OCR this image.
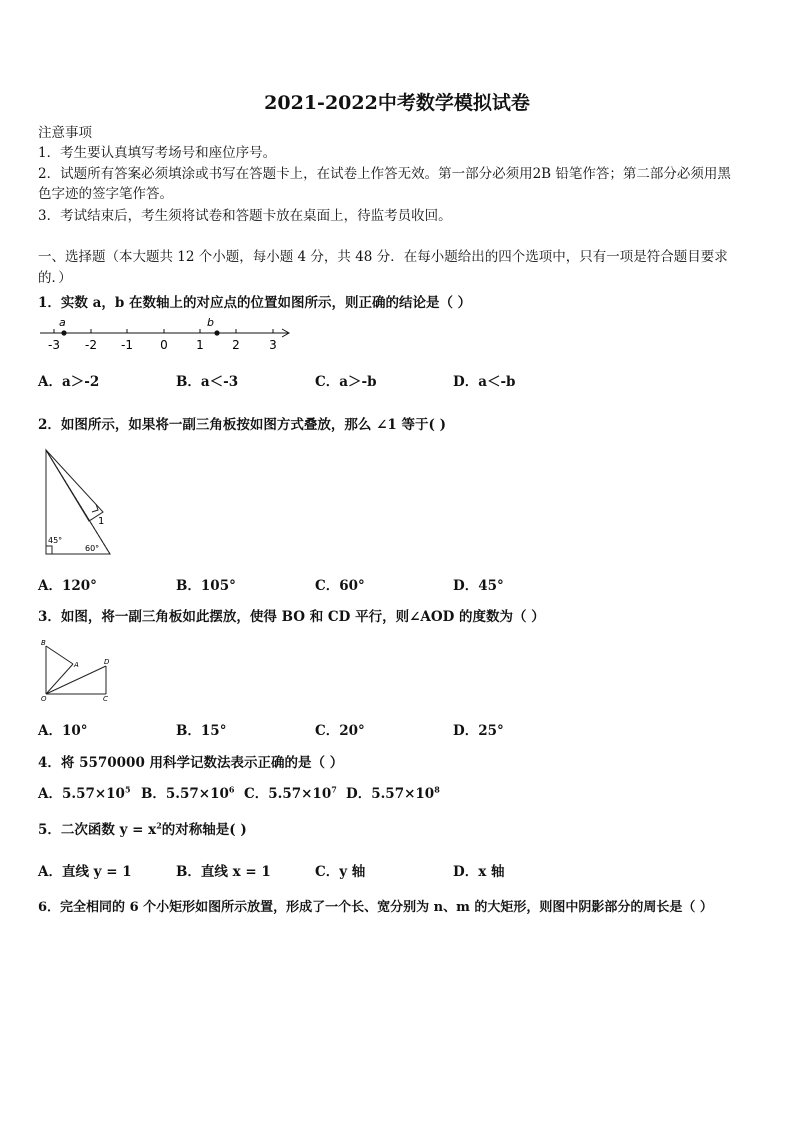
2021-2022中考数学模拟试卷
注意事项
1．考生要认真填写考场号和座位序号。
2．试题所有答案必须填涂或书写在答题卡上，在试卷上作答无效。第一部分必须用2B 铅笔作答；第二部分必须用黑
色字迹的签字笔作答。
3．考试结束后，考生须将试卷和答题卡放在桌面上，待监考员收回。
一、选择题（本大题共 12 个小题，每小题 4 分，共 48 分．在每小题给出的四个选项中，只有一项是符合题目要求
的．）
1．实数 a，b 在数轴上的对应点的位置如图所示，则正确的结论是（ ）
a	b
-3 -2 -1 0 1 2 3
A．a＞-2	B．a＜-3	C．a＞-b	D．a＜-b
2．如图所示，如果将一副三角板按如图方式叠放，那么 ∠1 等于( )
45°
60°
1
A．120°	B．105°	C．60°	D．45°
3．如图，将一副三角板如此摆放，使得 BO 和 CD 平行，则∠AOD 的度数为（ ）
B
A	D
O	C
A．10°	B．15°	C．20°	D．25°
4．将 5570000 用科学记数法表示正确的是（ ）
A．$5.57\times 10^5$ B．$5.57\times 10^6$ C．$5.57\times 10^7$ D．$5.57\times 10^8$
5．二次函数 $y = x^2$的对称轴是( )
A．直线 y = 1	B．直线 x = 1	C．y 轴	D．x 轴
6．完全相同的 6 个小矩形如图所示放置，形成了一个长、宽分别为 n、m 的大矩形，则图中阴影部分的周长是（ ）
